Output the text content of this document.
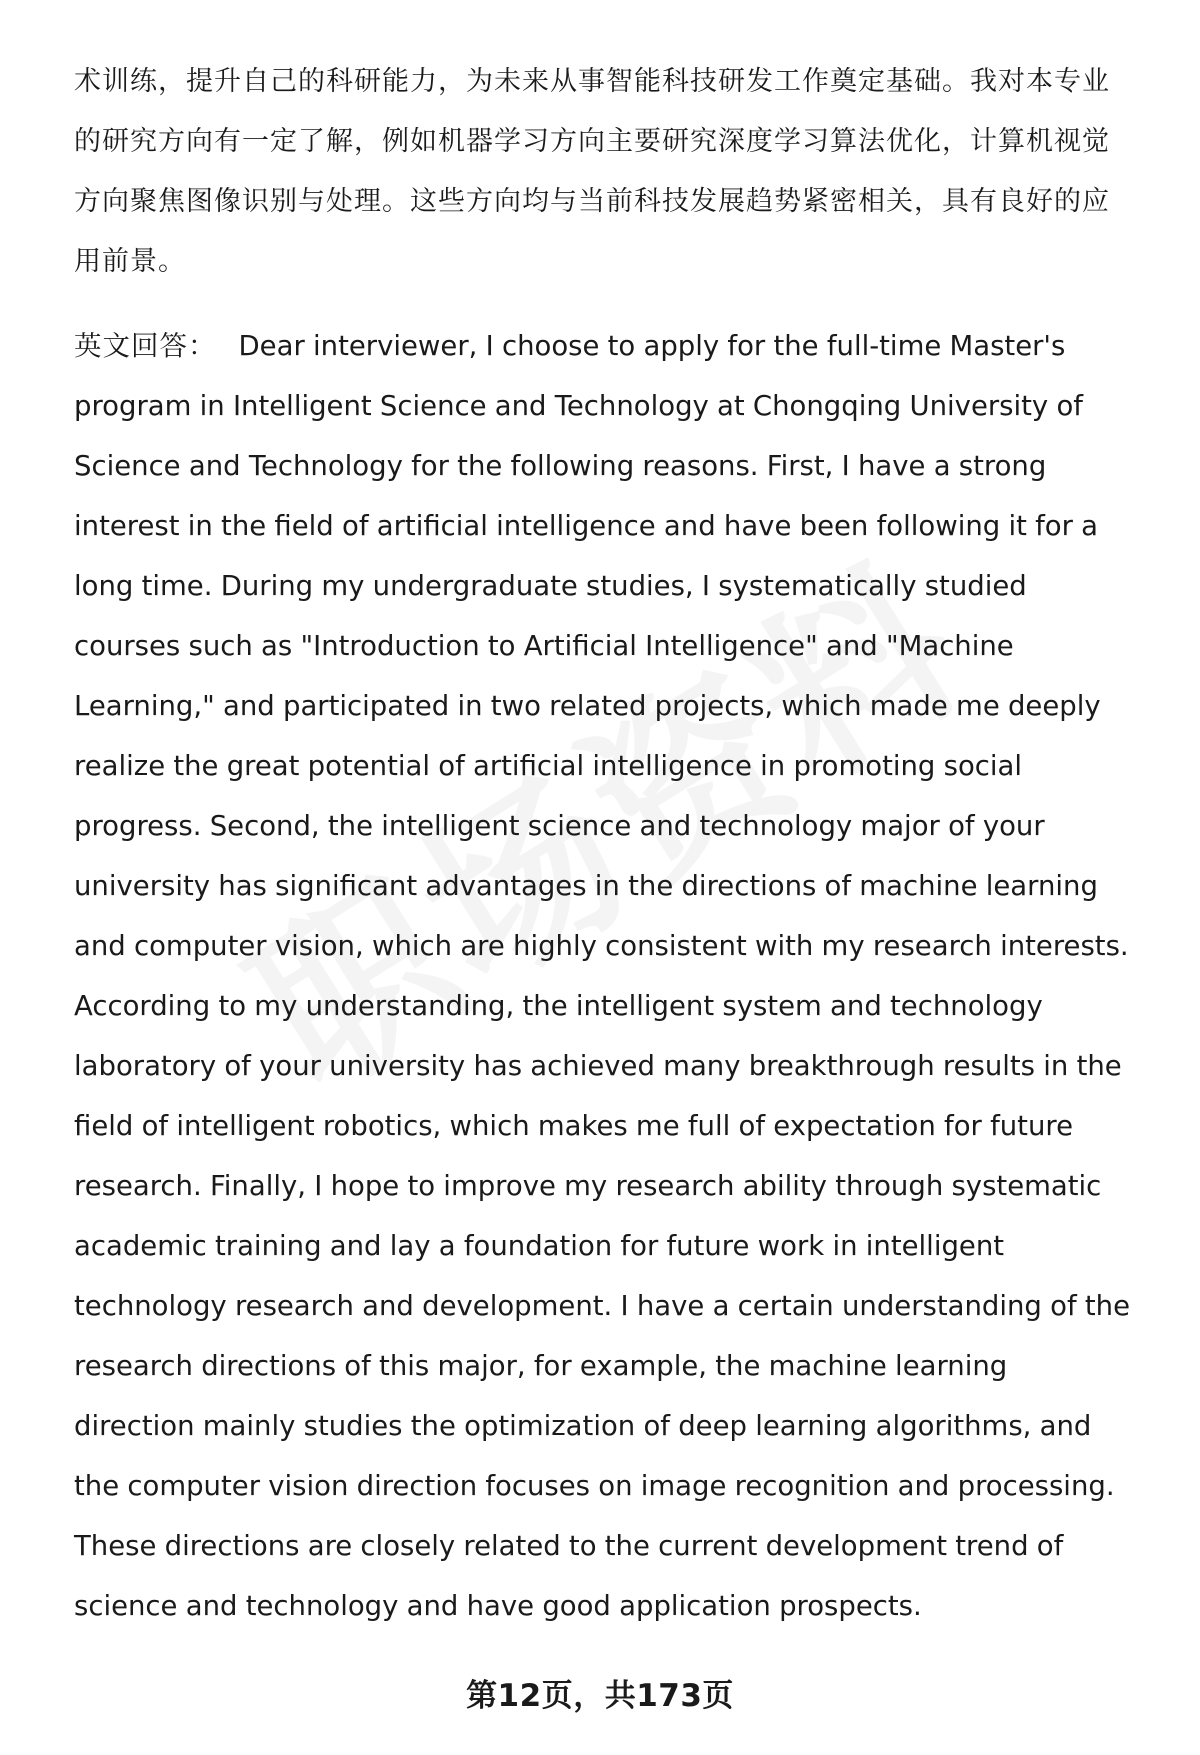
术训练，提升自己的科研能力，为未来从事智能科技研发工作奠定基础。我对本专业的研究方向有一定了解，例如机器学习方向主要研究深度学习算法优化，计算机视觉方向聚焦图像识别与处理。这些方向均与当前科技发展趋势紧密相关，具有良好的应用前景。

英文回答： Dear interviewer, I choose to apply for the full-time Master's program in Intelligent Science and Technology at Chongqing University of Science and Technology for the following reasons. First, I have a strong interest in the field of artificial intelligence and have been following it for a long time. During my undergraduate studies, I systematically studied courses such as "Introduction to Artificial Intelligence" and "Machine Learning," and participated in two related projects, which made me deeply realize the great potential of artificial intelligence in promoting social progress. Second, the intelligent science and technology major of your university has significant advantages in the directions of machine learning and computer vision, which are highly consistent with my research interests. According to my understanding, the intelligent system and technology laboratory of your university has achieved many breakthrough results in the field of intelligent robotics, which makes me full of expectation for future research. Finally, I hope to improve my research ability through systematic academic training and lay a foundation for future work in intelligent technology research and development. I have a certain understanding of the research directions of this major, for example, the machine learning direction mainly studies the optimization of deep learning algorithms, and the computer vision direction focuses on image recognition and processing. These directions are closely related to the current development trend of science and technology and have good application prospects.

第12页，共173页
